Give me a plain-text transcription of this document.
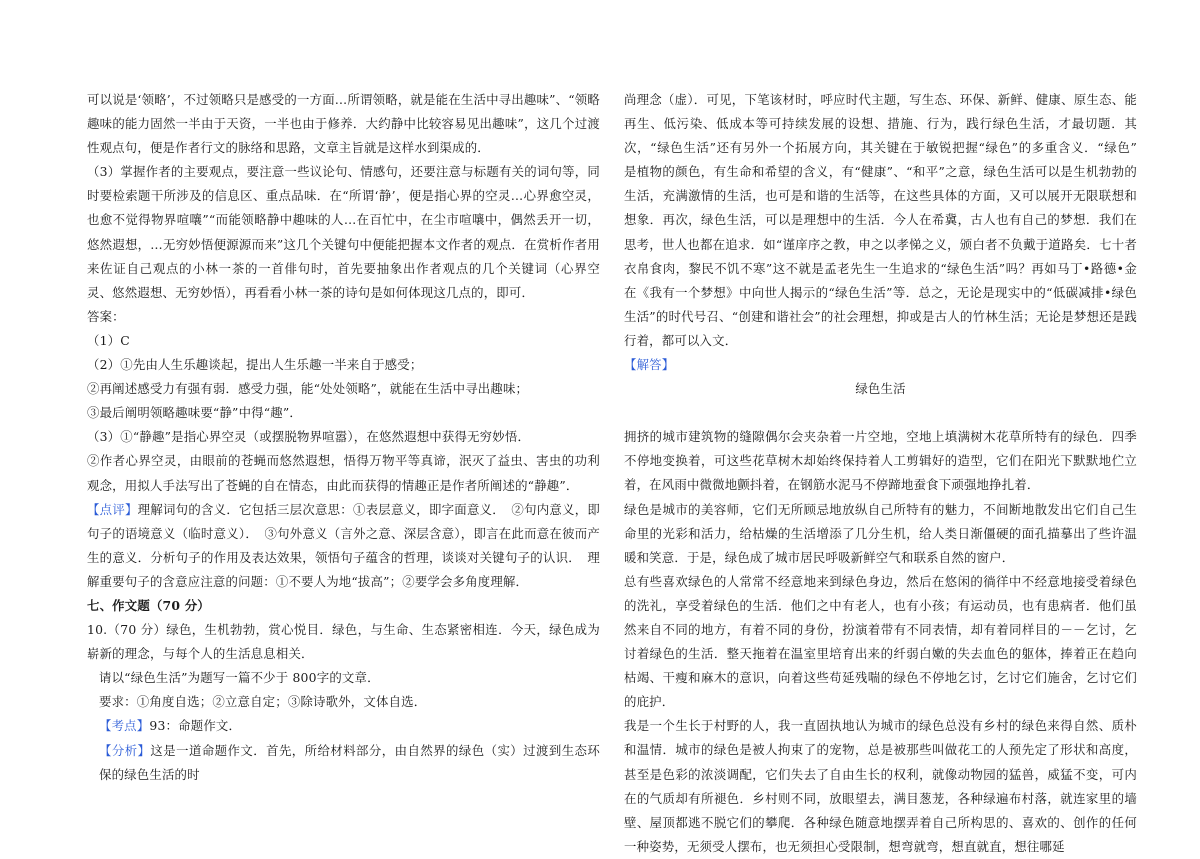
可以说是‘领略’，不过领略只是感受的一方面…所谓领略，就是能在生活中寻出趣味”、“领略趣味的能力固然一半由于天资，一半也由于修养．大约静中比较容易见出趣味”，这几个过渡性观点句，便是作者行文的脉络和思路，文章主旨就是这样水到渠成的．

（3）掌握作者的主要观点，要注意一些议论句、情感句，还要注意与标题有关的词句等，同时要检索题干所涉及的信息区、重点品味．在“所谓‘静’，便是指心界的空灵…心界愈空灵，也愈不觉得物界喧嚷”“而能领略静中趣味的人…在百忙中，在尘市喧嚷中，偶然丢开一切，悠然遐想，…无穷妙悟便源源而来”这几个关键句中便能把握本文作者的观点．在赏析作者用来佐证自己观点的小林一茶的一首俳句时，首先要抽象出作者观点的几个关键词（心界空灵、悠然遐想、无穷妙悟），再看看小林一茶的诗句是如何体现这几点的，即可．

答案：

（1）C

（2）①先由人生乐趣谈起，提出人生乐趣一半来自于感受；

②再阐述感受力有强有弱．感受力强，能“处处领略”，就能在生活中寻出趣味；

③最后阐明领略趣味要“静”中得“趣”．

（3）①“静趣”是指心界空灵（或摆脱物界喧嚣），在悠然遐想中获得无穷妙悟．

②作者心界空灵，由眼前的苍蝇而悠然遐想，悟得万物平等真谛，泯灭了益虫、害虫的功利观念，用拟人手法写出了苍蝇的自在情态，由此而获得的情趣正是作者所阐述的“静趣”．

【点评】理解词句的含义．它包括三层次意思：①表层意义，即字面意义．　②句内意义，即句子的语境意义（临时意义）．　③句外意义（言外之意、深层含意），即言在此而意在彼而产生的意义．分析句子的作用及表达效果，领悟句子蕴含的哲理，谈谈对关键句子的认识．　理解重要句子的含意应注意的问题：①不要人为地“拔高”；②要学会多角度理解．

七、作文题（70 分）

10.（70 分）绿色，生机勃勃，赏心悦目．绿色，与生命、生态紧密相连．今天，绿色成为崭新的理念，与每个人的生活息息相关．

请以“绿色生活”为题写一篇不少于 800字的文章．

要求：①角度自选；②立意自定；③除诗歌外，文体自选．

【考点】93：命题作文．

【分析】这是一道命题作文．首先，所给材料部分，由自然界的绿色（实）过渡到生态环保的绿色生活的时

尚理念（虚）．可见，下笔该材时，呼应时代主题，写生态、环保、新鲜、健康、原生态、能再生、低污染、低成本等可持续发展的设想、措施、行为，践行绿色生活，才最切题．其次，“绿色生活”还有另外一个拓展方向，其关键在于敏锐把握“绿色”的多重含义．“绿色”　是植物的颜色，有生命和希望的含义，有“健康”、“和平”之意，绿色生活可以是生机勃勃的生活，充满激情的生活，也可是和谐的生活等，在这些具体的方面，又可以展开无限联想和想象．再次，绿色生活，可以是理想中的生活．今人在希冀，古人也有自己的梦想．我们在思考，世人也都在追求．如“谨庠序之教，申之以孝悌之义，颁白者不负戴于道路矣．七十者衣帛食肉，黎民不饥不寒”这不就是孟老先生一生追求的“绿色生活”吗？再如马丁•路德•金在《我有一个梦想》中向世人揭示的“绿色生活”等．总之，无论是现实中的“低碳减排•绿色生活”的时代号召、“创建和谐社会”的社会理想，抑或是古人的竹林生活；无论是梦想还是践行着，都可以入文．

【解答】

绿色生活

拥挤的城市建筑物的缝隙偶尔会夹杂着一片空地，空地上填满树木花草所特有的绿色．四季不停地变换着，可这些花草树木却始终保持着人工剪辑好的造型，它们在阳光下默默地伫立着，在风雨中微微地颤抖着，在钢筋水泥马不停蹄地蚕食下顽强地挣扎着．

绿色是城市的美容师，它们无所顾忌地放纵自己所特有的魅力，不间断地散发出它们自己生命里的光彩和活力，给枯燥的生活增添了几分生机，给人类日渐僵硬的面孔描摹出了些许温暖和笑意．于是，绿色成了城市居民呼吸新鲜空气和联系自然的窗户．

总有些喜欢绿色的人常常不经意地来到绿色身边，然后在悠闲的徜徉中不经意地接受着绿色的洗礼，享受着绿色的生活．他们之中有老人，也有小孩；有运动员，也有患病者．他们虽然来自不同的地方，有着不同的身份，扮演着带有不同表情，却有着同样目的－－乞讨，乞讨着绿色的生活．整天拖着在温室里培育出来的纤弱白嫩的失去血色的躯体，捧着正在趋向枯竭、干瘦和麻木的意识，向着这些苟延残喘的绿色不停地乞讨，乞讨它们施舍，乞讨它们的庇护．

我是一个生长于村野的人，我一直固执地认为城市的绿色总没有乡村的绿色来得自然、质朴和温情．城市的绿色是被人拘束了的宠物，总是被那些叫做花工的人预先定了形状和高度，甚至是色彩的浓淡调配，它们失去了自由生长的权利，就像动物园的猛兽，威猛不变，可内在的气质却有所褪色．乡村则不同，放眼望去，满目葱茏，各种绿遍布村落，就连家里的墙壁、屋顶都逃不脱它们的攀爬．各种绿色随意地摆弄着自己所构思的、喜欢的、创作的任何一种姿势，无须受人摆布，也无须担心受限制，想弯就弯，想直就直，想往哪延
